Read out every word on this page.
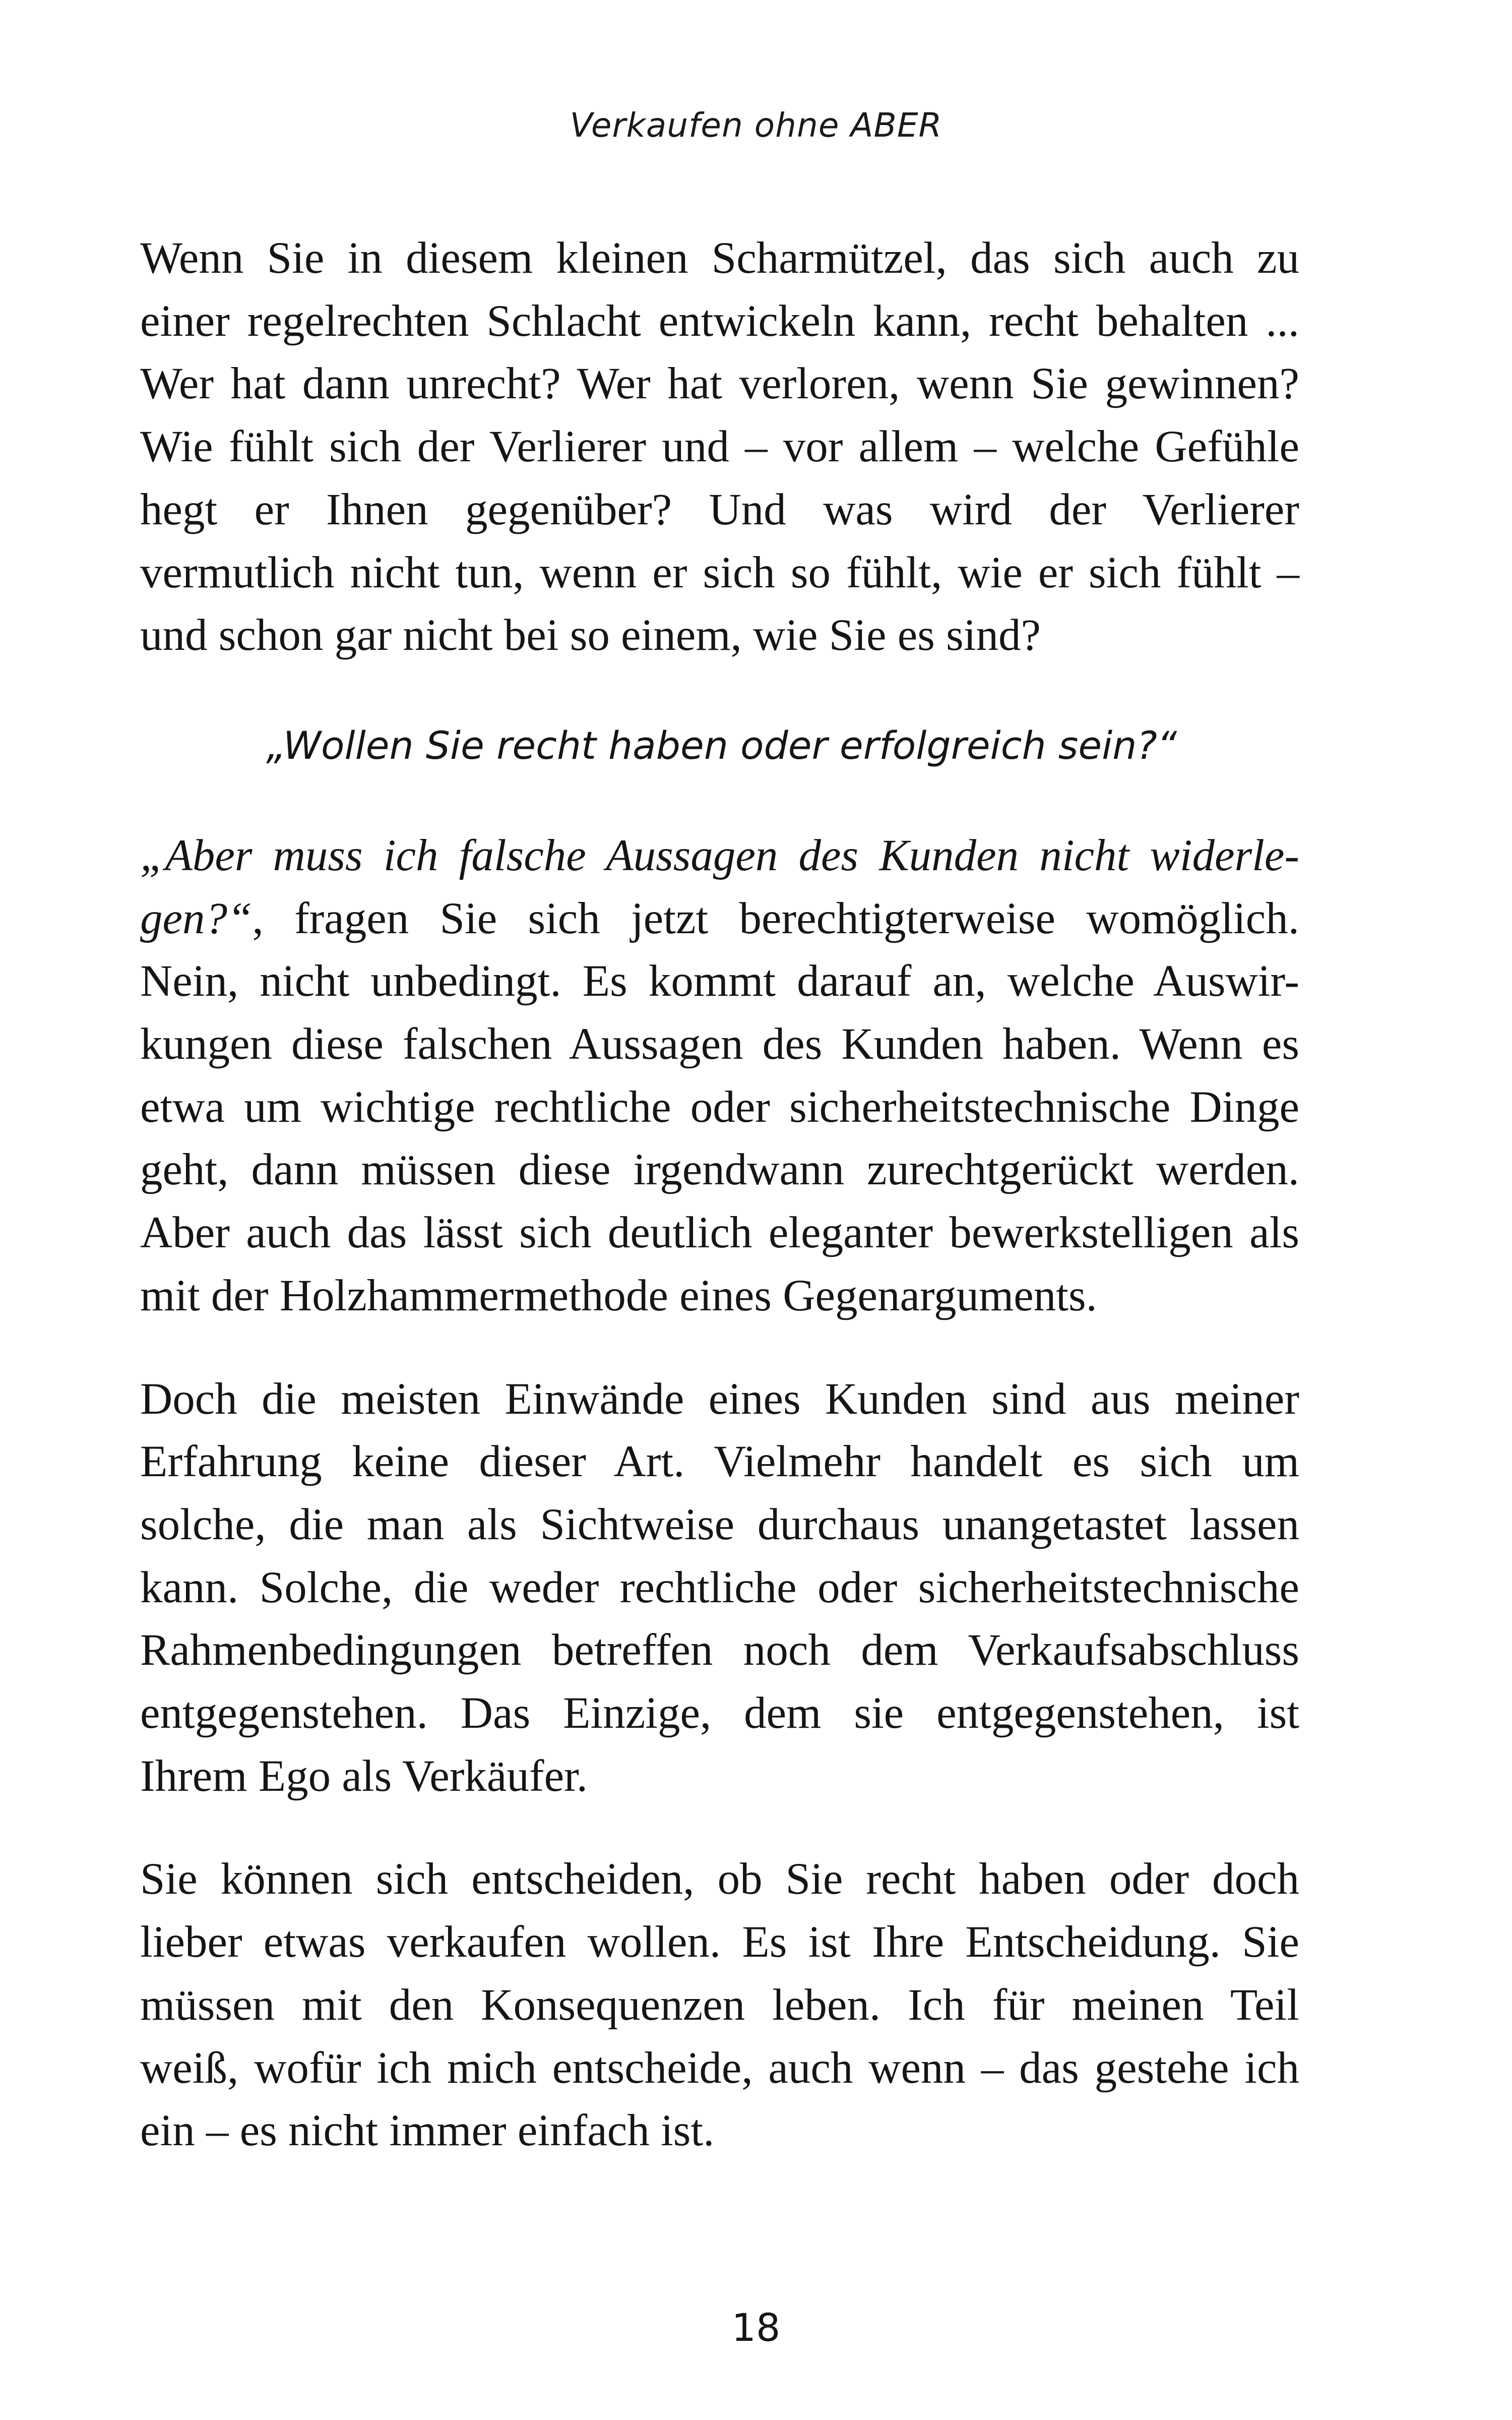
Verkaufen ohne ABER

Wenn Sie in diesem kleinen Scharmützel, das sich auch zu
einer regelrechten Schlacht entwickeln kann, recht behalten ...
Wer hat dann unrecht? Wer hat verloren, wenn Sie gewinnen?
Wie fühlt sich der Verlierer und – vor allem – welche Gefühle
hegt er Ihnen gegenüber? Und was wird der Verlierer
vermutlich nicht tun, wenn er sich so fühlt, wie er sich fühlt –
und schon gar nicht bei so einem, wie Sie es sind?

„Wollen Sie recht haben oder erfolgreich sein?“

„Aber muss ich falsche Aussagen des Kunden nicht widerle-
gen?“, fragen Sie sich jetzt berechtigterweise womöglich.
Nein, nicht unbedingt. Es kommt darauf an, welche Auswir-
kungen diese falschen Aussagen des Kunden haben. Wenn es
etwa um wichtige rechtliche oder sicherheitstechnische Dinge
geht, dann müssen diese irgendwann zurechtgerückt werden.
Aber auch das lässt sich deutlich eleganter bewerkstelligen als
mit der Holzhammermethode eines Gegenarguments.

Doch die meisten Einwände eines Kunden sind aus meiner
Erfahrung keine dieser Art. Vielmehr handelt es sich um
solche, die man als Sichtweise durchaus unangetastet lassen
kann. Solche, die weder rechtliche oder sicherheitstechnische
Rahmenbedingungen betreffen noch dem Verkaufsabschluss
entgegenstehen. Das Einzige, dem sie entgegenstehen, ist
Ihrem Ego als Verkäufer.

Sie können sich entscheiden, ob Sie recht haben oder doch
lieber etwas verkaufen wollen. Es ist Ihre Entscheidung. Sie
müssen mit den Konsequenzen leben. Ich für meinen Teil
weiß, wofür ich mich entscheide, auch wenn – das gestehe ich
ein – es nicht immer einfach ist.

18
